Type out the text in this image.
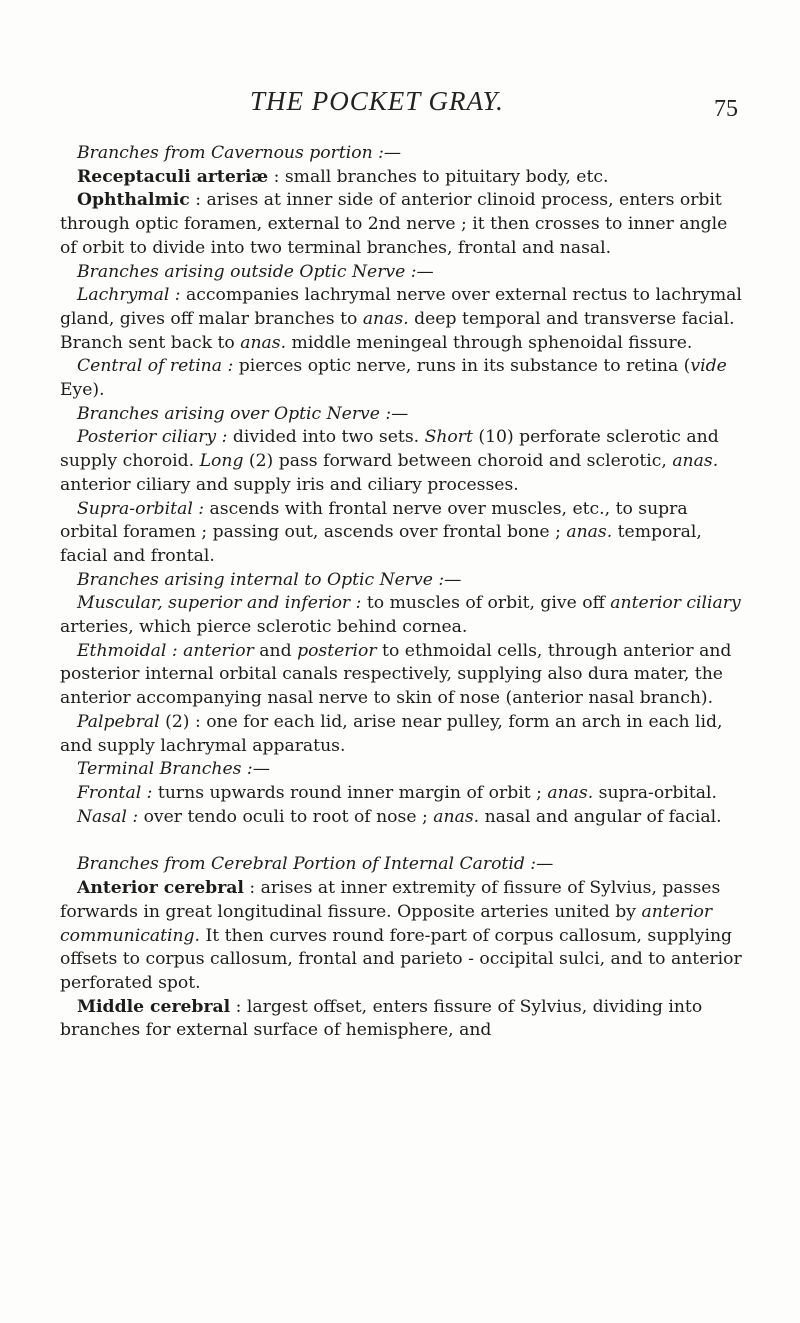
THE POCKET GRAY.	75

Branches from Cavernous portion :—

Receptaculi arteriæ : small branches to pituitary body, etc.

Ophthalmic : arises at inner side of anterior clinoid process, enters orbit through optic foramen, external to 2nd nerve ; it then crosses to inner angle of orbit to divide into two terminal branches, frontal and nasal.

Branches arising outside Optic Nerve :—

Lachrymal : accompanies lachrymal nerve over external rectus to lachrymal gland, gives off malar branches to anas. deep temporal and transverse facial. Branch sent back to anas. middle meningeal through sphenoidal fissure.

Central of retina : pierces optic nerve, runs in its substance to retina (vide Eye).

Branches arising over Optic Nerve :—

Posterior ciliary : divided into two sets. Short (10) perforate sclerotic and supply choroid. Long (2) pass forward between choroid and sclerotic, anas. anterior ciliary and supply iris and ciliary processes.

Supra-orbital : ascends with frontal nerve over muscles, etc., to supra orbital foramen ; passing out, ascends over frontal bone ; anas. temporal, facial and frontal.

Branches arising internal to Optic Nerve :—

Muscular, superior and inferior : to muscles of orbit, give off anterior ciliary arteries, which pierce sclerotic behind cornea.

Ethmoidal : anterior and posterior to ethmoidal cells, through anterior and posterior internal orbital canals respectively, supplying also dura mater, the anterior accompanying nasal nerve to skin of nose (anterior nasal branch).

Palpebral (2) : one for each lid, arise near pulley, form an arch in each lid, and supply lachrymal apparatus.

Terminal Branches :—

Frontal : turns upwards round inner margin of orbit ; anas. supra-orbital.

Nasal : over tendo oculi to root of nose ; anas. nasal and angular of facial.

Branches from Cerebral Portion of Internal Carotid :—

Anterior cerebral : arises at inner extremity of fissure of Sylvius, passes forwards in great longitudinal fissure. Opposite arteries united by anterior communicating. It then curves round fore-part of corpus callosum, supplying offsets to corpus callosum, frontal and parieto - occipital sulci, and to anterior perforated spot.

Middle cerebral : largest offset, enters fissure of Sylvius, dividing into branches for external surface of hemisphere, and
